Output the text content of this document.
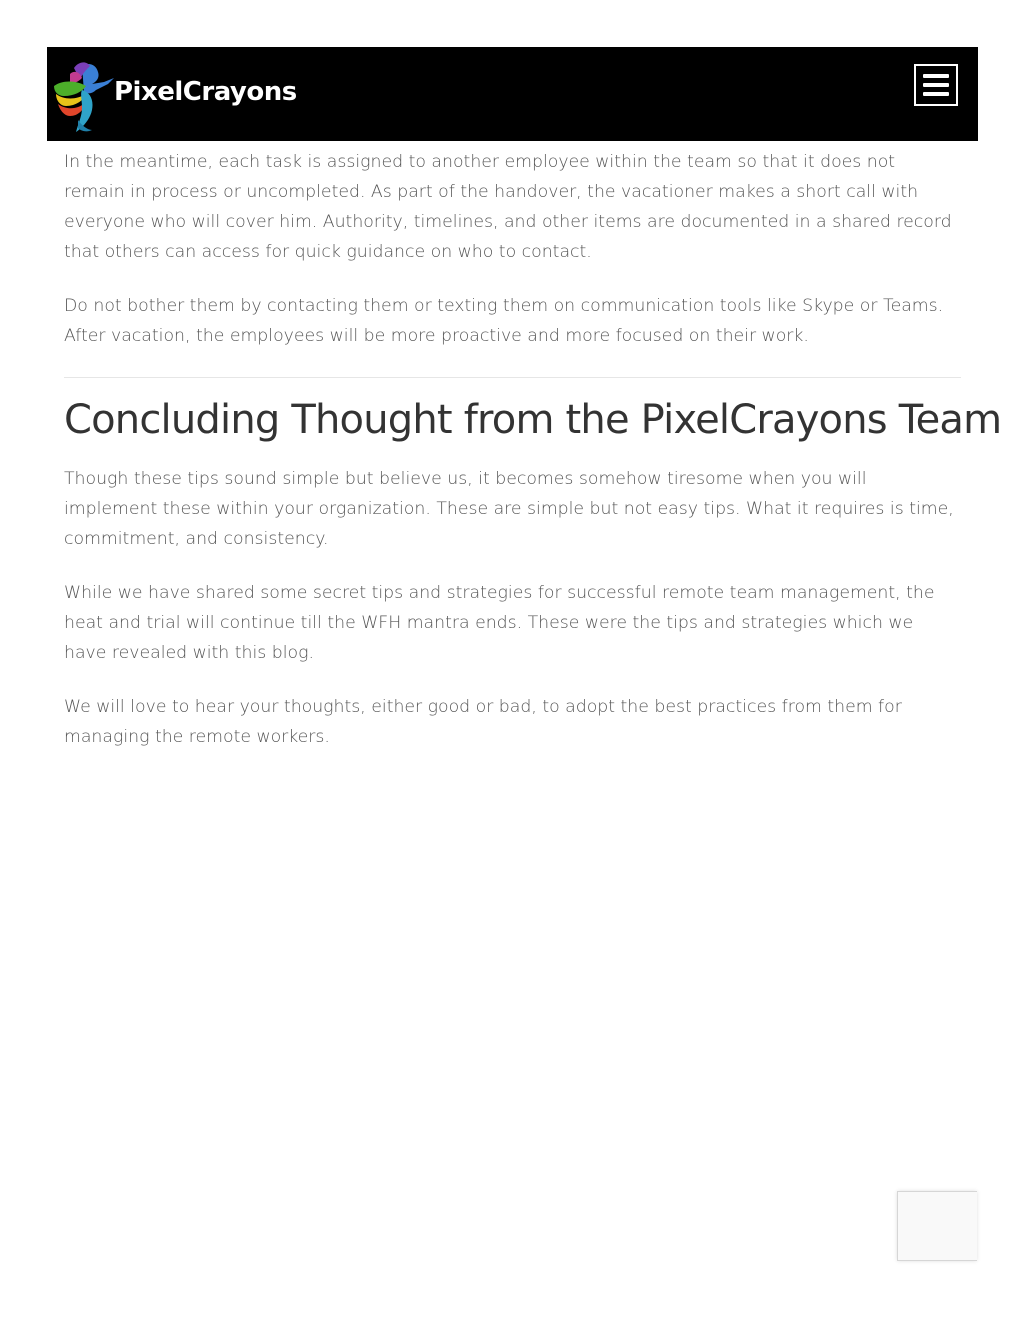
PixelCrayons

In the meantime, each task is assigned to another employee within the team so that it does not remain in process or uncompleted. As part of the handover, the vacationer makes a short call with everyone who will cover him. Authority, timelines, and other items are documented in a shared record that others can access for quick guidance on who to contact.

Do not bother them by contacting them or texting them on communication tools like Skype or Teams. After vacation, the employees will be more proactive and more focused on their work.

Concluding Thought from the PixelCrayons Team

Though these tips sound simple but believe us, it becomes somehow tiresome when you will implement these within your organization. These are simple but not easy tips. What it requires is time, commitment, and consistency.

While we have shared some secret tips and strategies for successful remote team management, the heat and trial will continue till the WFH mantra ends. These were the tips and strategies which we have revealed with this blog.

We will love to hear your thoughts, either good or bad, to adopt the best practices from them for managing the remote workers.
